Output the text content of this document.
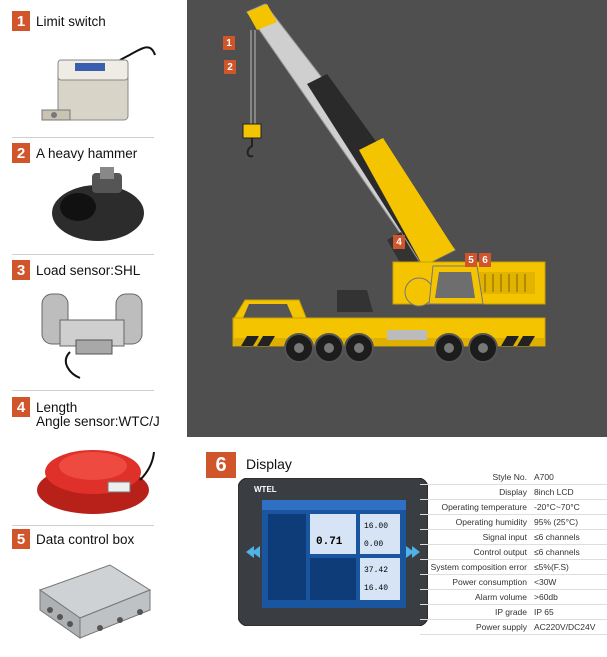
1 Limit switch
2 A heavy hammer
3 Load sensor:SHL
4 Length
Angle sensor:WTC/J
5 Data control box
1
2
4
5 6
6	Display
WTEL
0.71
16.00
0.00
37.42
16.40
Style No. A700
Display 8inch LCD
Operating temperature -20°C~70°C
Operating humidity 95% (25°C)
Signal input ≤6 channels
Control output ≤6 channels
System composition error ≤5%(F.S)
Power consumption <30W
Alarm volume >60db
IP grade IP 65
Power supply AC220V/DC24V
